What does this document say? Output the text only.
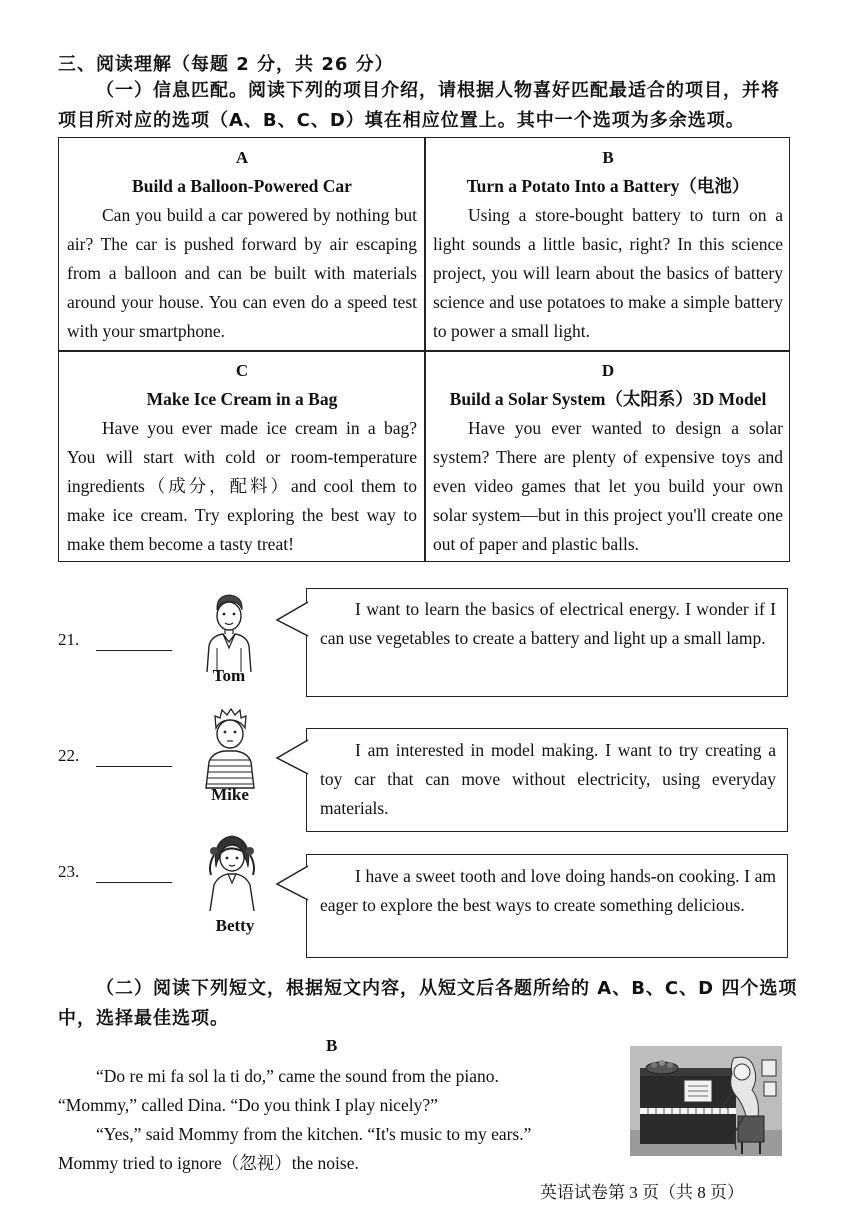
三、阅读理解（每题 2 分，共 26 分）
（一）信息匹配。阅读下列的项目介绍，请根据人物喜好匹配最适合的项目，并将
项目所对应的选项（A、B、C、D）填在相应位置上。其中一个选项为多余选项。
A
Build a Balloon-Powered Car
Can you build a car powered by nothing but air? The car is pushed forward by air escaping from a balloon and can be built with materials around your house. You can even do a speed test with your smartphone.
B
Turn a Potato Into a Battery（电池）
Using a store-bought battery to turn on a light sounds a little basic, right? In this science project, you will learn about the basics of battery science and use potatoes to make a simple battery to power a small light.
C
Make Ice Cream in a Bag
Have you ever made ice cream in a bag? You will start with cold or room-temperature ingredients（成分，配料）and cool them to make ice cream. Try exploring the best way to make them become a tasty treat!
D
Build a Solar System（太阳系）3D Model
Have you ever wanted to design a solar system? There are plenty of expensive toys and even video games that let you build your own solar system—but in this project you'll create one out of paper and plastic balls.
21.
Tom
I want to learn the basics of electrical energy. I wonder if I can use vegetables to create a battery and light up a small lamp.
22.
Mike
I am interested in model making. I want to try creating a toy car that can move without electricity, using everyday materials.
23.
Betty
I have a sweet tooth and love doing hands-on cooking. I am eager to explore the best ways to create something delicious.
（二）阅读下列短文，根据短文内容，从短文后各题所给的 A、B、C、D 四个选项
中，选择最佳选项。
B
“Do re mi fa sol la ti do,” came the sound from the piano.
“Mommy,” called Dina. “Do you think I play nicely?”
“Yes,” said Mommy from the kitchen. “It's music to my ears.”
Mommy tried to ignore（忽视）the noise.
英语试卷第 3 页（共 8 页）
